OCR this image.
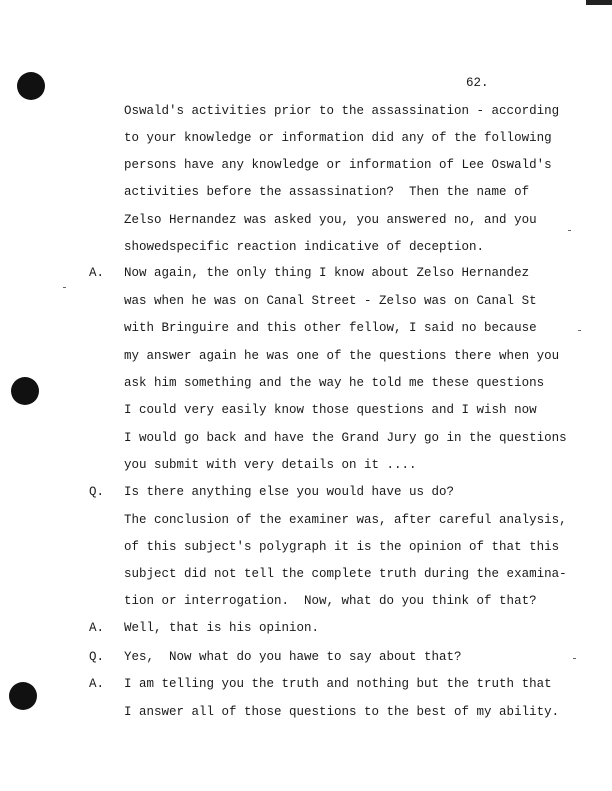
62.
Oswald's activities prior to the assassination - according
to your knowledge or information did any of the following
persons have any knowledge or information of Lee Oswald's
activities before the assassination?  Then the name of
Zelso Hernandez was asked you, you answered no, and you
showedspecific reaction indicative of deception.
A. Now again, the only thing I know about Zelso Hernandez
was when he was on Canal Street - Zelso was on Canal St
with Bringuire and this other fellow, I said no because
my answer again he was one of the questions there when you
ask him something and the way he told me these questions
I could very easily know those questions and I wish now
I would go back and have the Grand Jury go in the questions
you submit with very details on it ....
Q. Is there anything else you would have us do?
The conclusion of the examiner was, after careful analysis,
of this subject's polygraph it is the opinion of that this
subject did not tell the complete truth during the examina-
tion or interrogation.  Now, what do you think of that?
A. Well, that is his opinion.
Q. Yes,  Now what do you hawe to say about that?
A. I am telling you the truth and nothing but the truth that
I answer all of those questions to the best of my ability.
